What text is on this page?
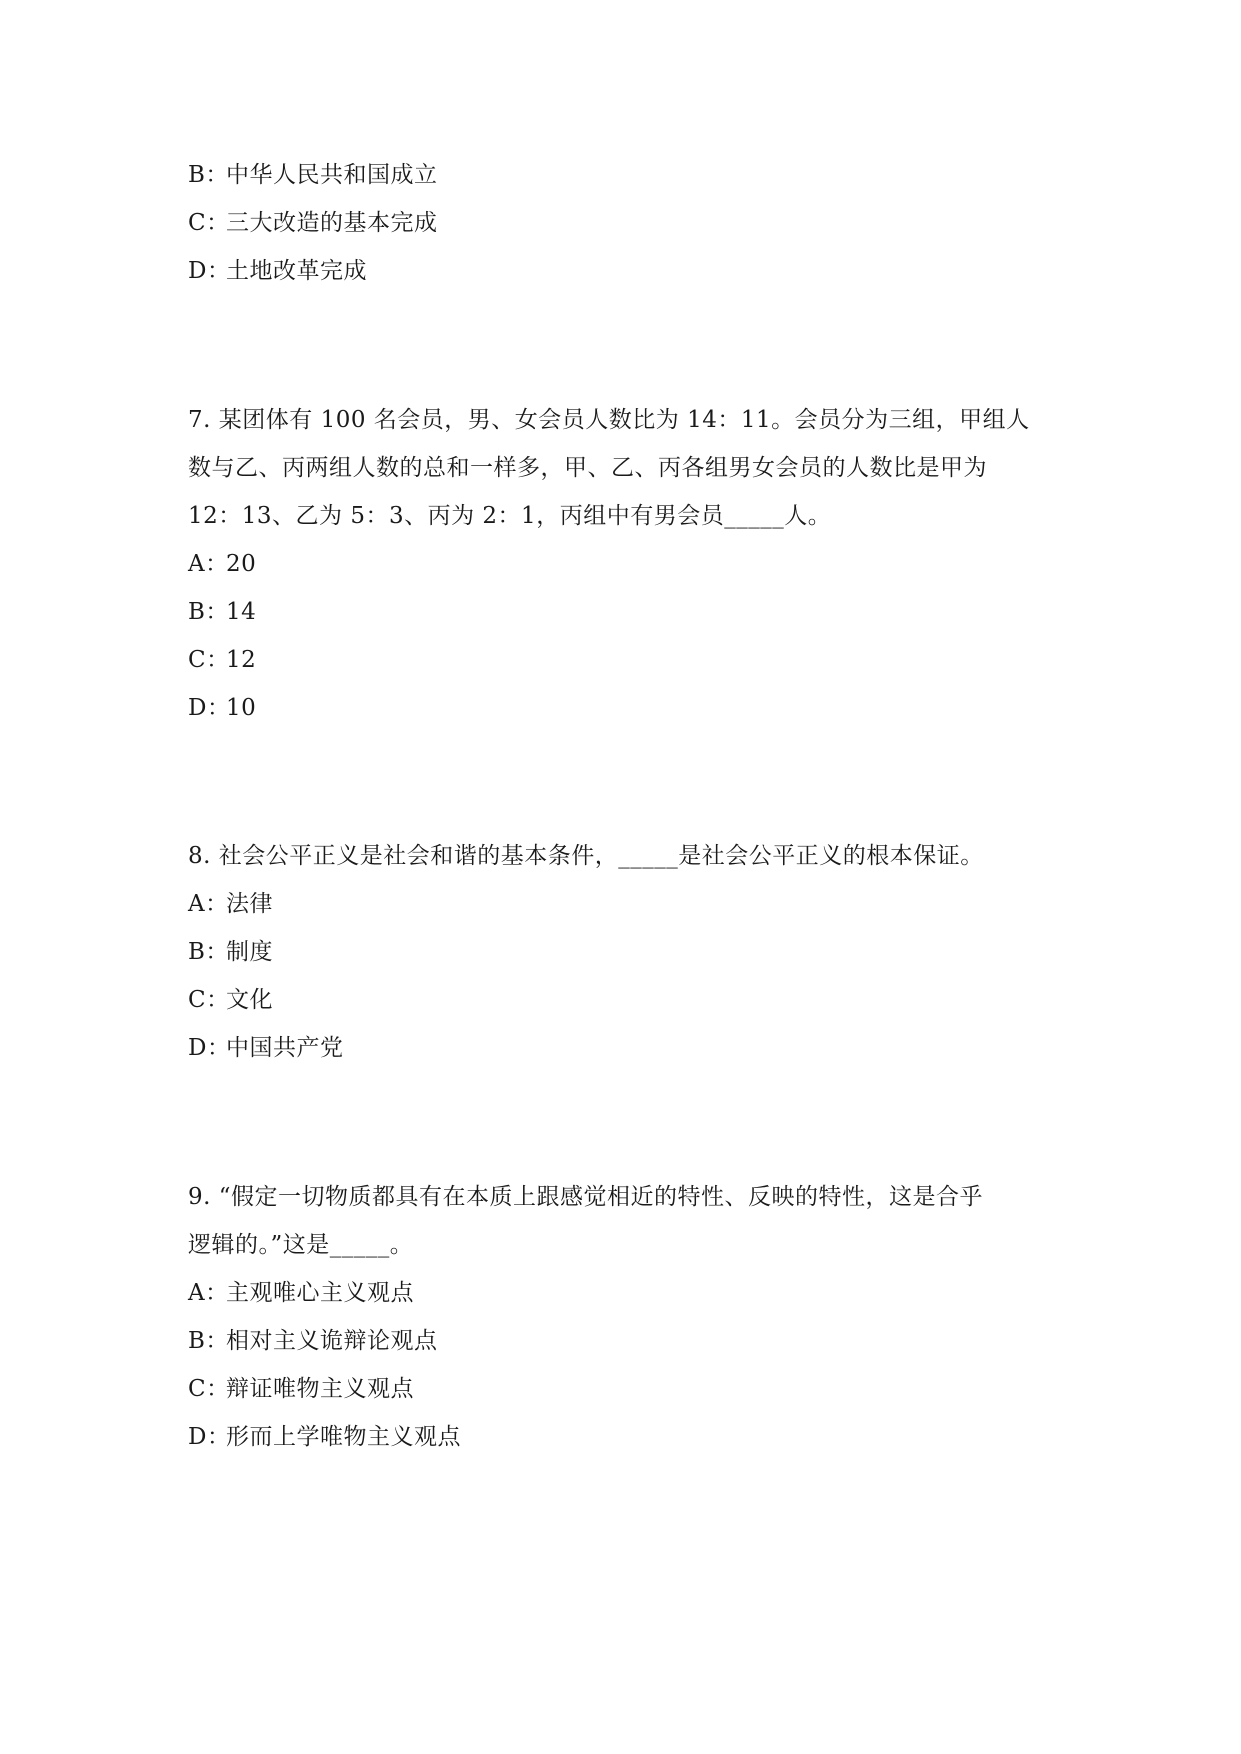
B：中华人民共和国成立
C：三大改造的基本完成
D：土地改革完成
7. 某团体有 100 名会员，男、女会员人数比为 14：11。会员分为三组，甲组人
数与乙、丙两组人数的总和一样多，甲、乙、丙各组男女会员的人数比是甲为
12：13、乙为 5：3、丙为 2：1，丙组中有男会员_____人。
A：20
B：14
C：12
D：10
8. 社会公平正义是社会和谐的基本条件，_____是社会公平正义的根本保证。
A：法律
B：制度
C：文化
D：中国共产党
9. “假定一切物质都具有在本质上跟感觉相近的特性、反映的特性，这是合乎
逻辑的。”这是_____。
A：主观唯心主义观点
B：相对主义诡辩论观点
C：辩证唯物主义观点
D：形而上学唯物主义观点
